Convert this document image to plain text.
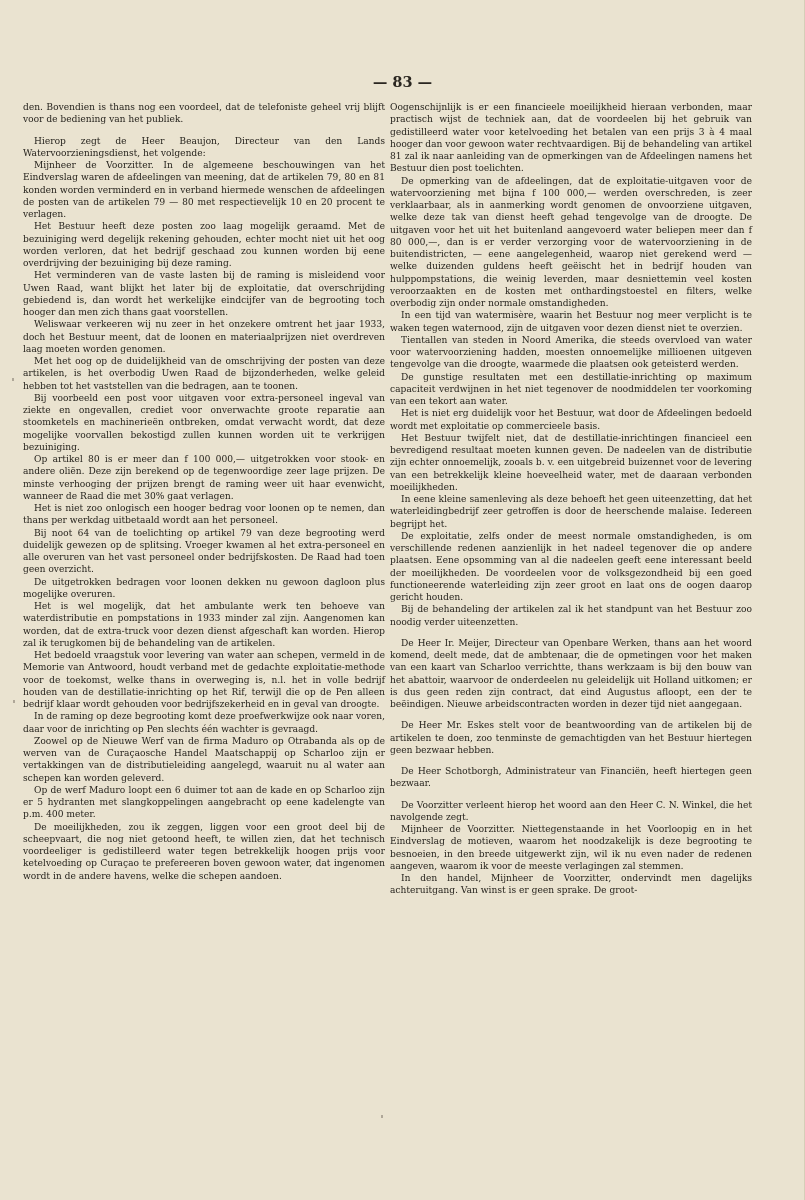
— 83 —

den. Bovendien is thans nog een voordeel, dat de telefoniste geheel vrij blijft voor de bediening van het publiek.

Hierop zegt de Heer Beaujon, Directeur van den Lands Watervoorzieningsdienst, het volgende:

Mijnheer de Voorzitter. In de algemeene beschouwingen van het Eindverslag waren de afdeelingen van meening, dat de artikelen 79, 80 en 81 konden worden verminderd en in verband hiermede wenschen de afdeelingen de posten van de artikelen 79 — 80 met respectievelijk 10 en 20 procent te verlagen.

Het Bestuur heeft deze posten zoo laag mogelijk geraamd. Met de bezuiniging werd degelijk rekening gehouden, echter mocht niet uit het oog worden verloren, dat het bedrijf geschaad zou kunnen worden bij eene overdrijving der bezuiniging bij deze raming.

Het verminderen van de vaste lasten bij de raming is misleidend voor Uwen Raad, want blijkt het later bij de exploitatie, dat overschrijding gebiedend is, dan wordt het werkelijke eindcijfer van de begrooting toch hooger dan men zich thans gaat voorstellen.

Weliswaar verkeeren wij nu zeer in het onzekere omtrent het jaar 1933, doch het Bestuur meent, dat de loonen en materiaalprijzen niet overdreven laag moeten worden genomen.

Met het oog op de duidelijkheid van de omschrijving der posten van deze artikelen, is het overbodig Uwen Raad de bijzonderheden, welke geleid hebben tot het vaststellen van die bedragen, aan te toonen.

Bij voorbeeld een post voor uitgaven voor extra-personeel ingeval van ziekte en ongevallen, crediet voor onverwachte groote reparatie aan stoomketels en machinerieën ontbreken, omdat verwacht wordt, dat deze mogelijke voorvallen bekostigd zullen kunnen worden uit te verkrijgen bezuiniging.

Op artikel 80 is er meer dan f 100 000,— uitgetrokken voor stook- en andere oliën. Deze zijn berekend op de tegenwoordige zeer lage prijzen. De minste verhooging der prijzen brengt de raming weer uit haar evenwicht, wanneer de Raad die met 30% gaat verlagen.

Het is niet zoo onlogisch een hooger bedrag voor loonen op te nemen, dan thans per werkdag uitbetaald wordt aan het personeel.

Bij noot 64 van de toelichting op artikel 79 van deze begrooting werd duidelijk gewezen op de splitsing. Vroeger kwamen al het extra-personeel en alle overuren van het vast personeel onder bedrijfskosten. De Raad had toen geen overzicht.

De uitgetrokken bedragen voor loonen dekken nu gewoon dagloon plus mogelijke overuren.

Het is wel mogelijk, dat het ambulante werk ten behoeve van waterdistributie en pompstations in 1933 minder zal zijn. Aangenomen kan worden, dat de extra-truck voor dezen dienst afgeschaft kan worden. Hierop zal ik terugkomen bij de behandeling van de artikelen.

Het bedoeld vraagstuk voor levering van water aan schepen, vermeld in de Memorie van Antwoord, houdt verband met de gedachte exploitatie-methode voor de toekomst, welke thans in overweging is, n.l. het in volle bedrijf houden van de destillatie-inrichting op het Rif, terwijl die op de Pen alleen bedrijf klaar wordt gehouden voor bedrijfszekerheid en in geval van droogte.

In de raming op deze begrooting komt deze proefwerkwijze ook naar voren, daar voor de inrichting op Pen slechts één wachter is gevraagd.

Zoowel op de Nieuwe Werf van de firma Maduro op Otrabanda als op de werven van de Curaçaosche Handel Maatschappij op Scharloo zijn er vertakkingen van de distributieleiding aangelegd, waaruit nu al water aan schepen kan worden geleverd.

Op de werf Maduro loopt een 6 duimer tot aan de kade en op Scharloo zijn er 5 hydranten met slangkoppelingen aangebracht op eene kadelengte van p.m. 400 meter.

De moeilijkheden, zou ik zeggen, liggen voor een groot deel bij de scheepvaart, die nog niet getoond heeft, te willen zien, dat het technisch voordeeliger is gedistilleerd water tegen betrekkelijk hoogen prijs voor ketelvoeding op Curaçao te prefereeren boven gewoon water, dat ingenomen wordt in de andere havens, welke die schepen aandoen.

Oogenschijnlijk is er een financieele moeilijkheid hieraan verbonden, maar practisch wijst de techniek aan, dat de voordeelen bij het gebruik van gedistilleerd water voor ketelvoeding het betalen van een prijs 3 à 4 maal hooger dan voor gewoon water rechtvaardigen. Bij de behandeling van artikel 81 zal ik naar aanleiding van de opmerkingen van de Afdeelingen namens het Bestuur dien post toelichten.

De opmerking van de afdeelingen, dat de exploitatie-uitgaven voor de watervoorziening met bijna f 100 000,— werden overschreden, is zeer verklaarbaar, als in aanmerking wordt genomen de onvoorziene uitgaven, welke deze tak van dienst heeft gehad tengevolge van de droogte. De uitgaven voor het uit het buitenland aangevoerd water beliepen meer dan f 80 000,—, dan is er verder verzorging voor de watervoorziening in de buitendistricten, — eene aangelegenheid, waarop niet gerekend werd — welke duizenden guldens heeft geëischt het in bedrijf houden van hulppompstations, die weinig leverden, maar desniettemin veel kosten veroorzaakten en de kosten met onthardingstoestel en filters, welke overbodig zijn onder normale omstandigheden.

In een tijd van watermisère, waarin het Bestuur nog meer verplicht is te waken tegen waternood, zijn de uitgaven voor dezen dienst niet te overzien.

Tientallen van steden in Noord Amerika, die steeds overvloed van water voor watervoorziening hadden, moesten onnoemelijke millioenen uitgeven tengevolge van die droogte, waarmede die plaatsen ook geteisterd werden.

De gunstige resultaten met een destillatie-inrichting op maximum capaciteit verdwijnen in het niet tegenover de noodmiddelen ter voorkoming van een tekort aan water.

Het is niet erg duidelijk voor het Bestuur, wat door de Afdeelingen bedoeld wordt met exploitatie op commercieele basis.

Het Bestuur twijfelt niet, dat de destillatie-inrichtingen financieel een bevredigend resultaat moeten kunnen geven. De nadeelen van de distributie zijn echter onnoemelijk, zooals b. v. een uitgebreid buizennet voor de levering van een betrekkelijk kleine hoeveelheid water, met de daaraan verbonden moeilijkheden.

In eene kleine samenleving als deze behoeft het geen uiteenzetting, dat het waterleidingbedrijf zeer getroffen is door de heerschende malaise. Iedereen begrijpt het.

De exploitatie, zelfs onder de meest normale omstandigheden, is om verschillende redenen aanzienlijk in het nadeel tegenover die op andere plaatsen. Eene opsomming van al die nadeelen geeft eene interessant beeld der moeilijkheden. De voordeelen voor de volksgezondheid bij een goed functioneerende waterleiding zijn zeer groot en laat ons de oogen daarop gericht houden.

Bij de behandeling der artikelen zal ik het standpunt van het Bestuur zoo noodig verder uiteenzetten.

De Heer Ir. Meijer, Directeur van Openbare Werken, thans aan het woord komend, deelt mede, dat de ambtenaar, die de opmetingen voor het maken van een kaart van Scharloo verrichtte, thans werkzaam is bij den bouw van het abattoir, waarvoor de onderdeelen nu geleidelijk uit Holland uitkomen; er is dus geen reden zijn contract, dat eind Augustus afloopt, een der te beëindigen. Nieuwe arbeidscontracten worden in dezer tijd niet aangegaan.

De Heer Mr. Eskes stelt voor de beantwoording van de artikelen bij de artikelen te doen, zoo tenminste de gemachtigden van het Bestuur hiertegen geen bezwaar hebben.

De Heer Schotborgh, Administrateur van Financiën, heeft hiertegen geen bezwaar.

De Voorzitter verleent hierop het woord aan den Heer C. N. Winkel, die het navolgende zegt.

Mijnheer de Voorzitter. Niettegenstaande in het Voorloopig en in het Eindverslag de motieven, waarom het noodzakelijk is deze begrooting te besnoeien, in den breede uitgewerkt zijn, wil ik nu even nader de redenen aangeven, waarom ik voor de meeste verlagingen zal stemmen.

In den handel, Mijnheer de Voorzitter, ondervindt men dagelijks achteruitgang. Van winst is er geen sprake. De groot-
